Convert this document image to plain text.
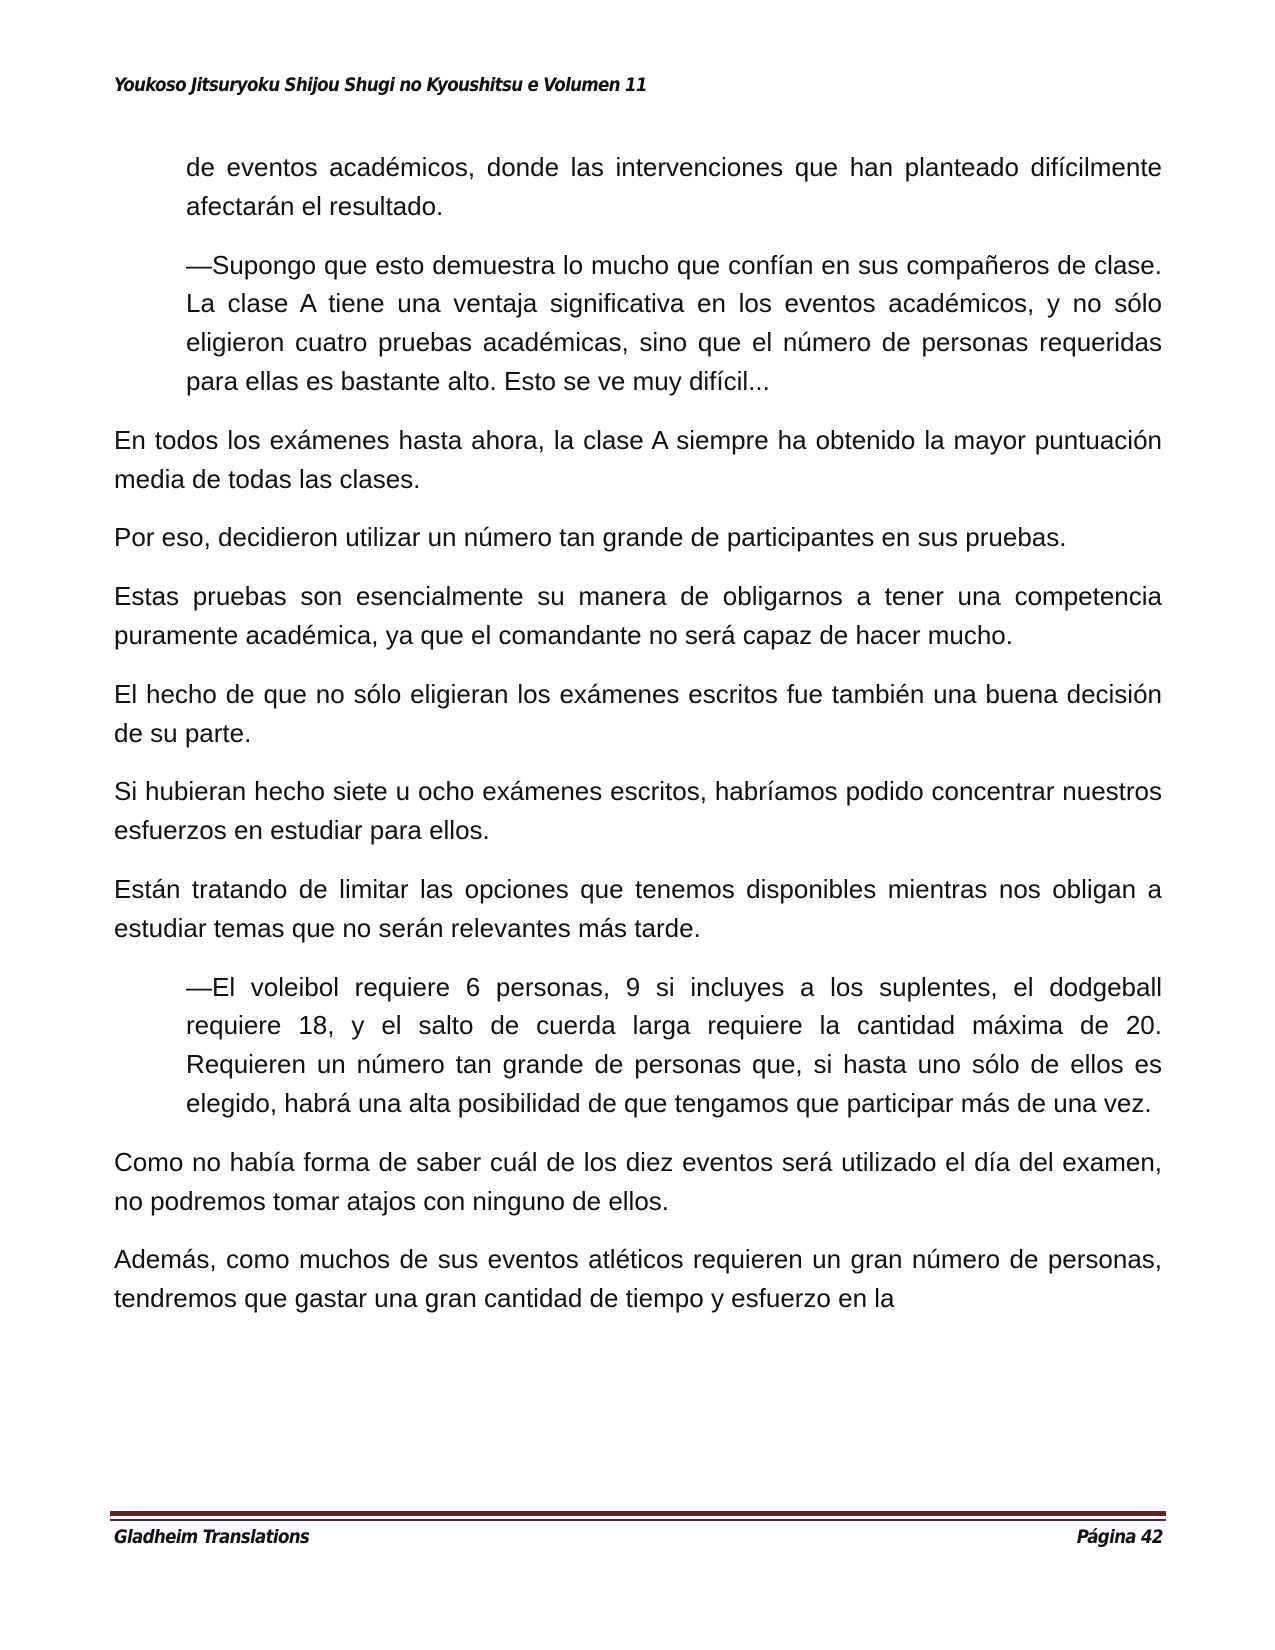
Youkoso Jitsuryoku Shijou Shugi no Kyoushitsu e Volumen 11

de eventos académicos, donde las intervenciones que han planteado difícilmente afectarán el resultado.

—Supongo que esto demuestra lo mucho que confían en sus compañeros de clase. La clase A tiene una ventaja significativa en los eventos académicos, y no sólo eligieron cuatro pruebas académicas, sino que el número de personas requeridas para ellas es bastante alto. Esto se ve muy difícil...

En todos los exámenes hasta ahora, la clase A siempre ha obtenido la mayor puntuación media de todas las clases.

Por eso, decidieron utilizar un número tan grande de participantes en sus pruebas.

Estas pruebas son esencialmente su manera de obligarnos a tener una competencia puramente académica, ya que el comandante no será capaz de hacer mucho.

El hecho de que no sólo eligieran los exámenes escritos fue también una buena decisión de su parte.

Si hubieran hecho siete u ocho exámenes escritos, habríamos podido concentrar nuestros esfuerzos en estudiar para ellos.

Están tratando de limitar las opciones que tenemos disponibles mientras nos obligan a estudiar temas que no serán relevantes más tarde.

—El voleibol requiere 6 personas, 9 si incluyes a los suplentes, el dodgeball requiere 18, y el salto de cuerda larga requiere la cantidad máxima de 20. Requieren un número tan grande de personas que, si hasta uno sólo de ellos es elegido, habrá una alta posibilidad de que tengamos que participar más de una vez.

Como no había forma de saber cuál de los diez eventos será utilizado el día del examen, no podremos tomar atajos con ninguno de ellos.

Además, como muchos de sus eventos atléticos requieren un gran número de personas, tendremos que gastar una gran cantidad de tiempo y esfuerzo en la

Gladheim Translations	Página 42
